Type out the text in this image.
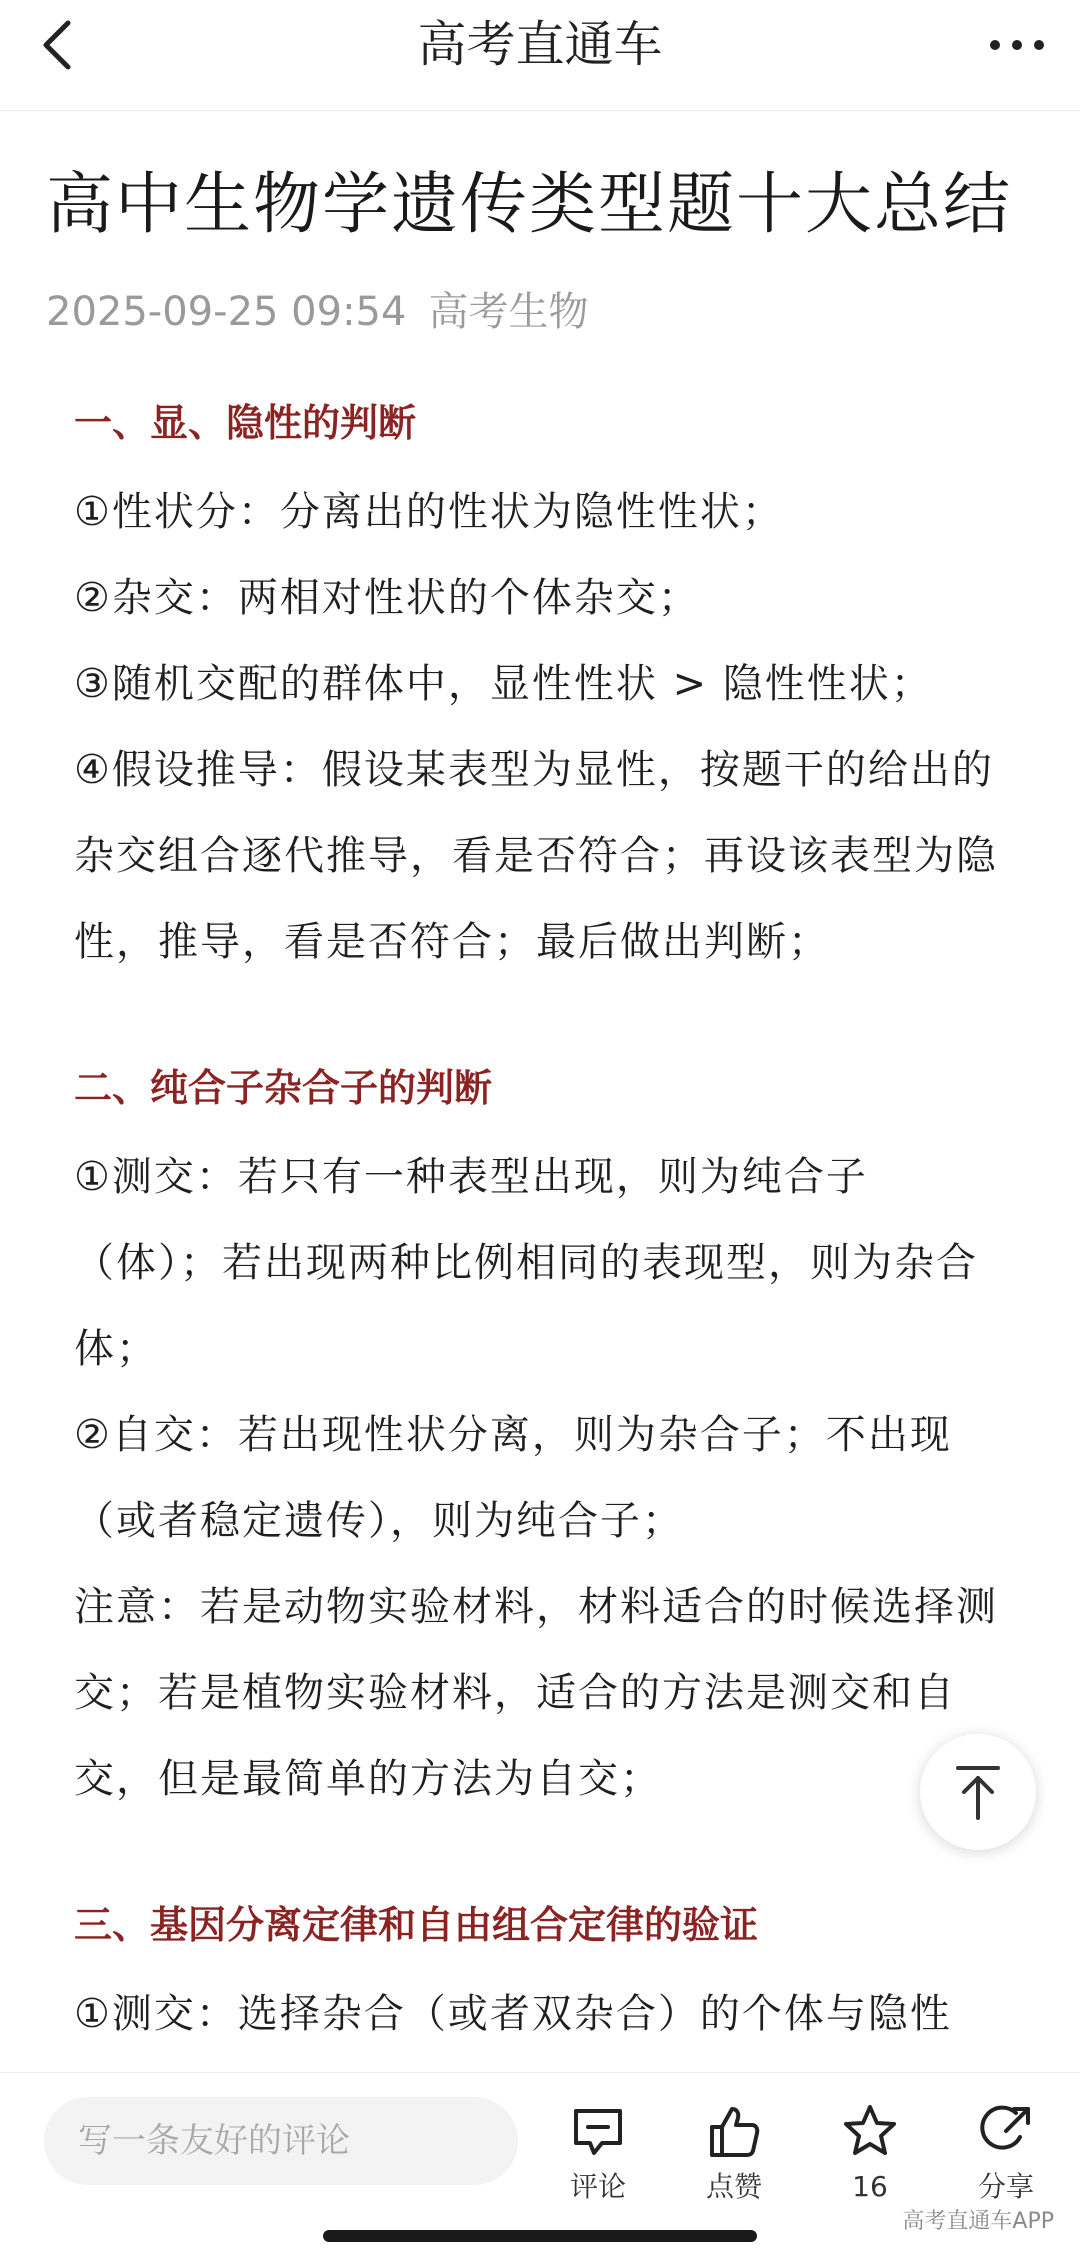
高考直通车
高中生物学遗传类型题十大总结
2025-09-25 09:54 高考生物
一、显、隐性的判断
①性状分：分离出的性状为隐性性状；
②杂交：两相对性状的个体杂交；
③随机交配的群体中，显性性状 > 隐性性状；
④假设推导：假设某表型为显性，按题干的给出的杂交组合逐代推导，看是否符合；再设该表型为隐性，推导，看是否符合；最后做出判断；
二、纯合子杂合子的判断
①测交：若只有一种表型出现，则为纯合子（体）；若出现两种比例相同的表现型，则为杂合体；
②自交：若出现性状分离，则为杂合子；不出现（或者稳定遗传），则为纯合子；
注意：若是动物实验材料，材料适合的时候选择测交；若是植物实验材料，适合的方法是测交和自交，但是最简单的方法为自交；
三、基因分离定律和自由组合定律的验证
①测交：选择杂合（或者双杂合）的个体与隐性
写一条友好的评论
评论	点赞	16	分享
高考直通车APP
